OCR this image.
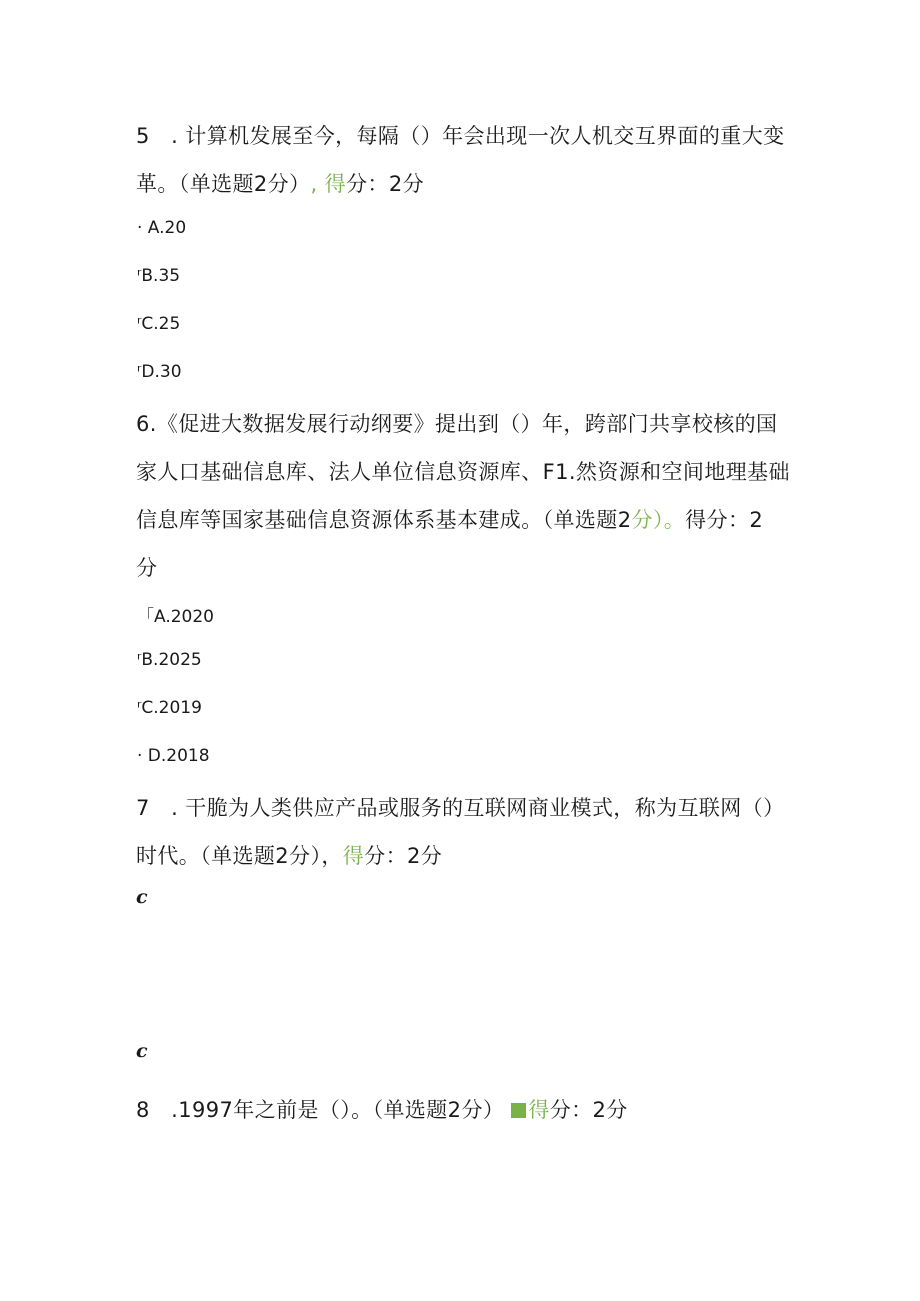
5　. 计算机发展至今，每隔（）年会出现一次人机交互界面的重大变
革。（单选题2分）, 得分：2分
· A.20
ʳB.35
ʳC.25
ʳD.30
6.《促进大数据发展行动纲要》提出到（）年，跨部门共享校核的国
家人口基础信息库、法人单位信息资源库、F1.然资源和空间地理基础
信息库等国家基础信息资源体系基本建成。（单选题2分）。得分：2
分
「A.2020
ʳB.2025
ʳC.2019
· D.2018
7　. 干脆为人类供应产品或服务的互联网商业模式，称为互联网（）
时代。（单选题2分），得分：2分
c
c
8　.1997年之前是（）。（单选题2分） 得分：2分
